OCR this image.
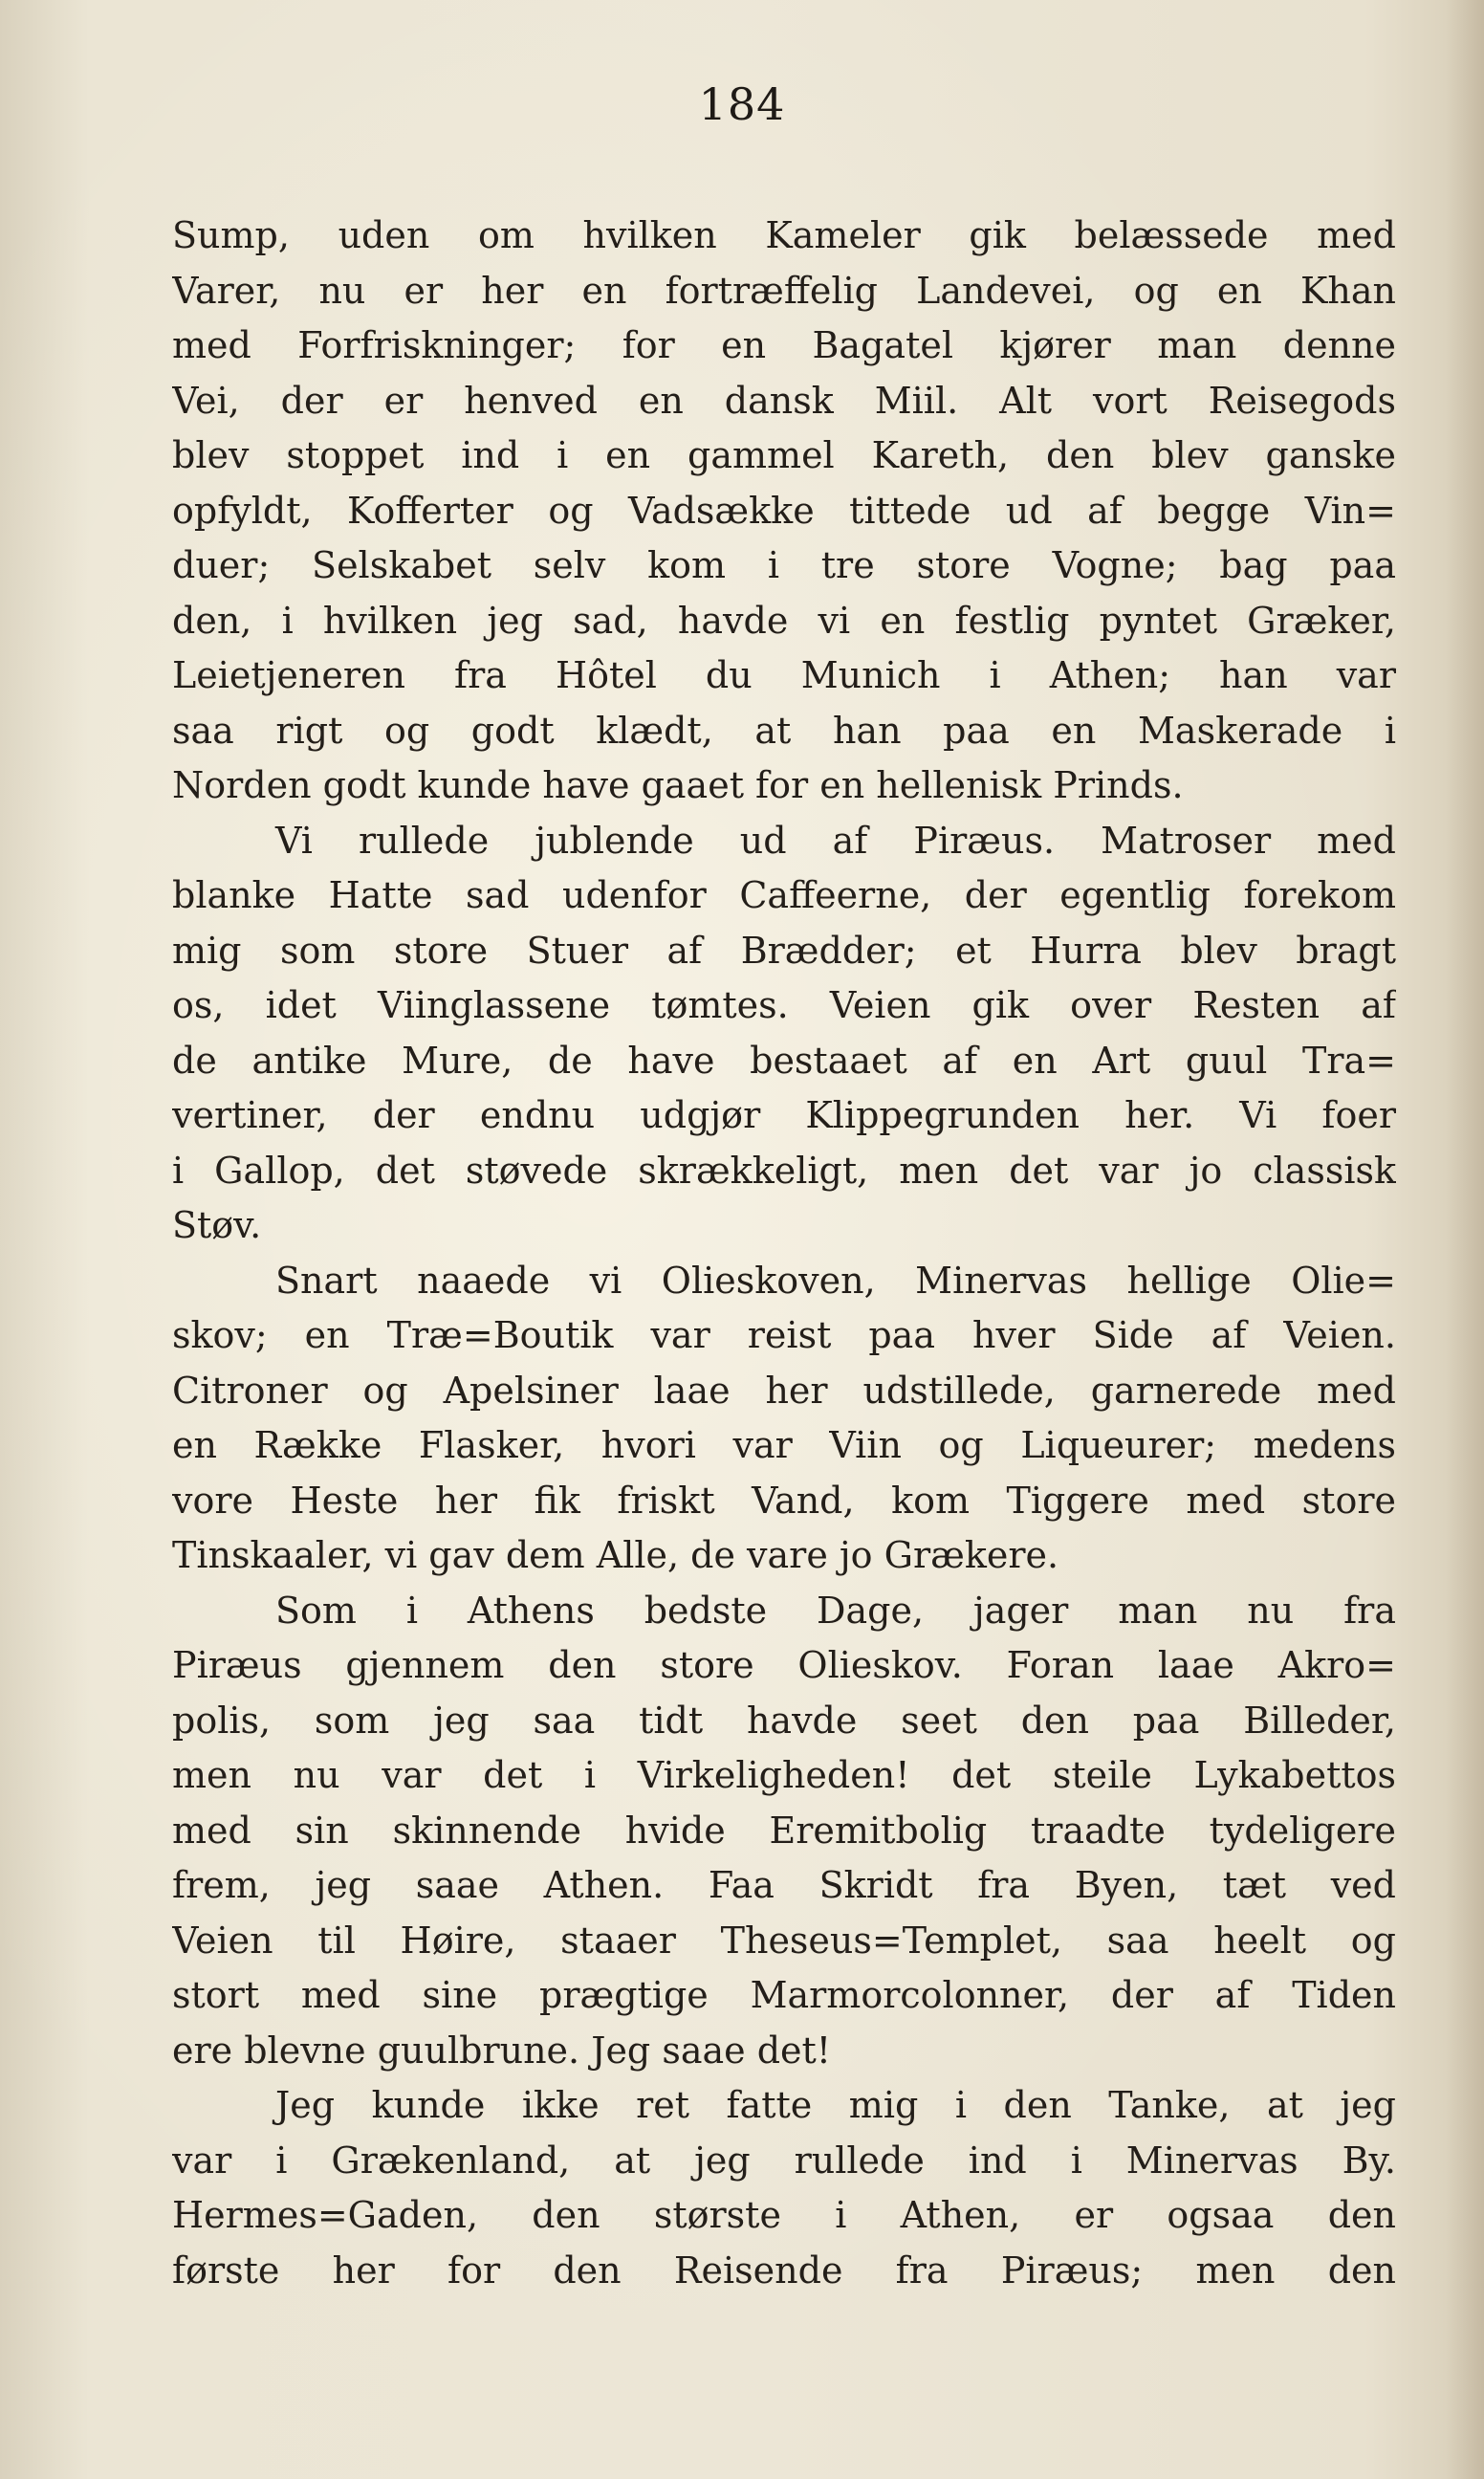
184
Sump, uden om hvilken Kameler gik belæssede med
Varer, nu er her en fortræffelig Landevei, og en Khan
med Forfriskninger; for en Bagatel kjører man denne
Vei, der er henved en dansk Miil. Alt vort Reisegods
blev stoppet ind i en gammel Kareth, den blev ganske
opfyldt, Kofferter og Vadsække tittede ud af begge Vin=
duer; Selskabet selv kom i tre store Vogne; bag paa
den, i hvilken jeg sad, havde vi en festlig pyntet Græker,
Leietjeneren fra Hôtel du Munich i Athen; han var
saa rigt og godt klædt, at han paa en Maskerade i
Norden godt kunde have gaaet for en hellenisk Prinds.
Vi rullede jublende ud af Piræus. Matroser med
blanke Hatte sad udenfor Caffeerne, der egentlig forekom
mig som store Stuer af Brædder; et Hurra blev bragt
os, idet Viinglassene tømtes. Veien gik over Resten af
de antike Mure, de have bestaaet af en Art guul Tra=
vertiner, der endnu udgjør Klippegrunden her. Vi foer
i Gallop, det støvede skrækkeligt, men det var jo classisk
Støv.
Snart naaede vi Olieskoven, Minervas hellige Olie=
skov; en Træ=Boutik var reist paa hver Side af Veien.
Citroner og Apelsiner laae her udstillede, garnerede med
en Række Flasker, hvori var Viin og Liqueurer; medens
vore Heste her fik friskt Vand, kom Tiggere med store
Tinskaaler, vi gav dem Alle, de vare jo Grækere.
Som i Athens bedste Dage, jager man nu fra
Piræus gjennem den store Olieskov. Foran laae Akro=
polis, som jeg saa tidt havde seet den paa Billeder,
men nu var det i Virkeligheden! det steile Lykabettos
med sin skinnende hvide Eremitbolig traadte tydeligere
frem, jeg saae Athen. Faa Skridt fra Byen, tæt ved
Veien til Høire, staaer Theseus=Templet, saa heelt og
stort med sine prægtige Marmorcolonner, der af Tiden
ere blevne guulbrune. Jeg saae det!
Jeg kunde ikke ret fatte mig i den Tanke, at jeg
var i Grækenland, at jeg rullede ind i Minervas By.
Hermes=Gaden, den største i Athen, er ogsaa den
første her for den Reisende fra Piræus; men den
